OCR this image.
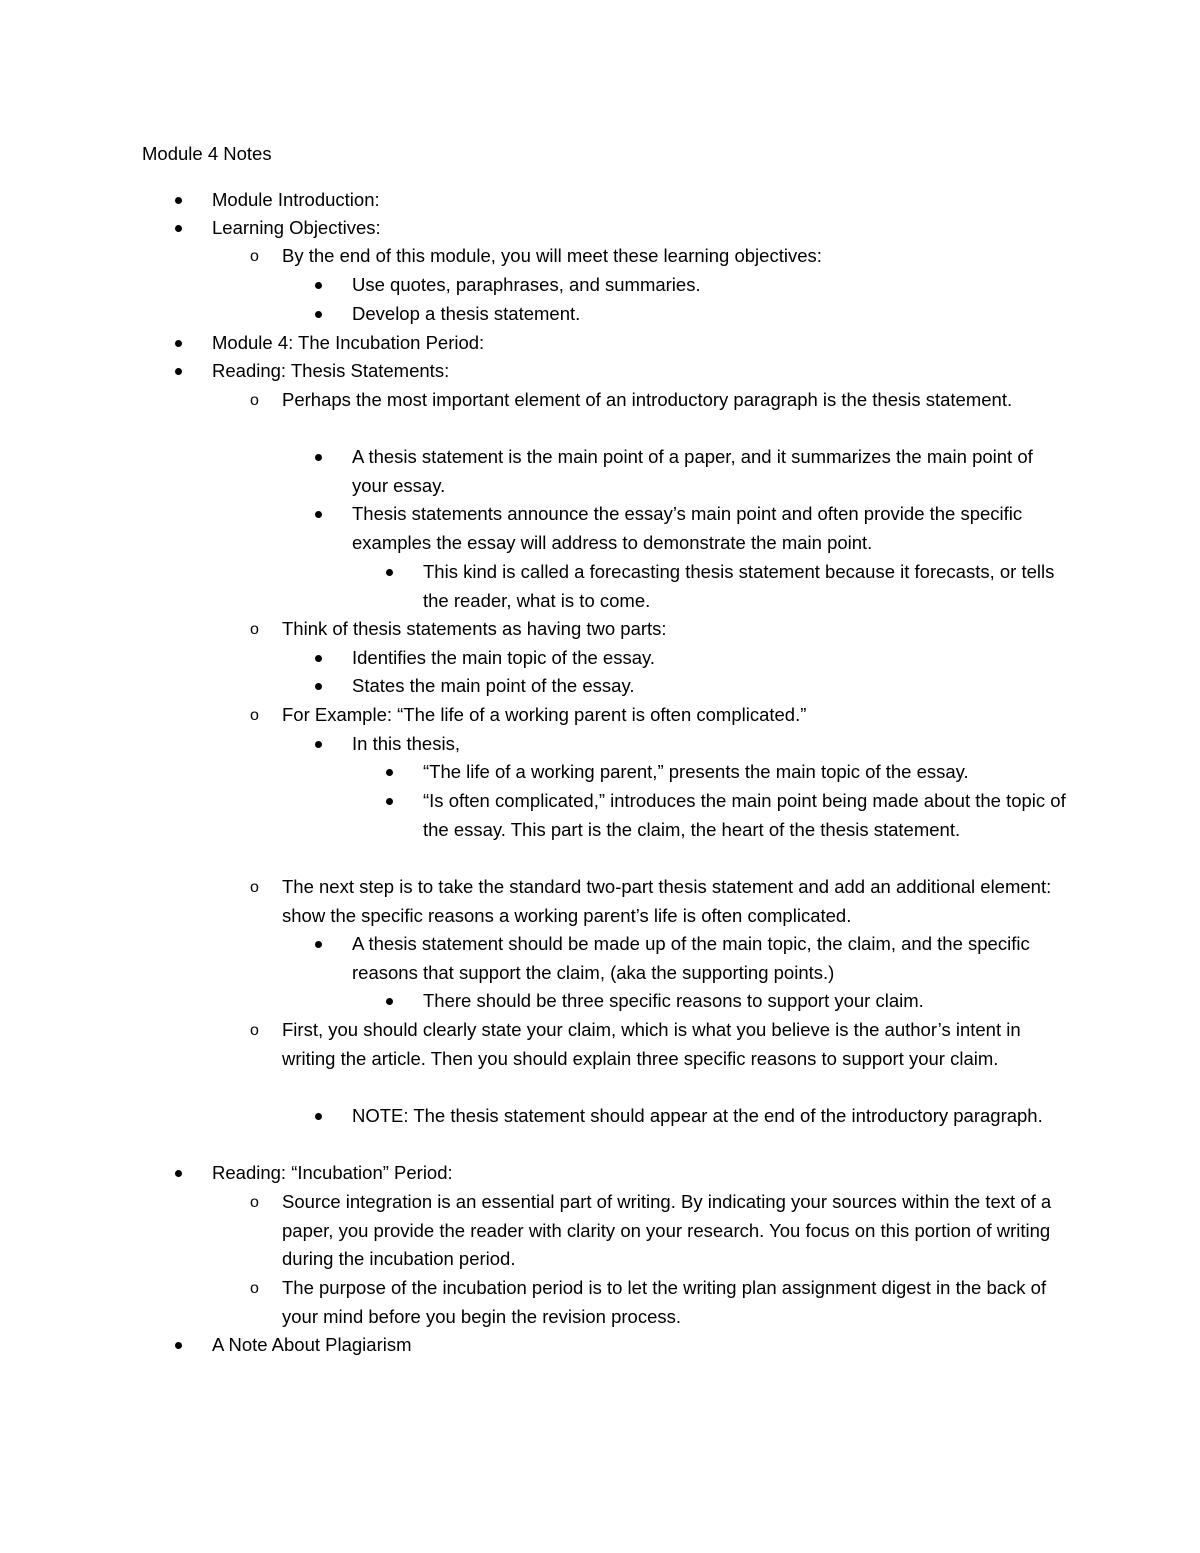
Module 4 Notes
Module Introduction:
Learning Objectives:
o By the end of this module, you will meet these learning objectives:
Use quotes, paraphrases, and summaries.
Develop a thesis statement.
Module 4: The Incubation Period:
Reading: Thesis Statements:
o Perhaps the most important element of an introductory paragraph is the thesis statement.
A thesis statement is the main point of a paper, and it summarizes the main point of your essay.
Thesis statements announce the essay’s main point and often provide the specific examples the essay will address to demonstrate the main point.
This kind is called a forecasting thesis statement because it forecasts, or tells the reader, what is to come.
o Think of thesis statements as having two parts:
Identifies the main topic of the essay.
States the main point of the essay.
o For Example: “The life of a working parent is often complicated.”
In this thesis,
“The life of a working parent,” presents the main topic of the essay.
“Is often complicated,” introduces the main point being made about the topic of the essay. This part is the claim, the heart of the thesis statement.
o The next step is to take the standard two-part thesis statement and add an additional element: show the specific reasons a working parent’s life is often complicated.
A thesis statement should be made up of the main topic, the claim, and the specific reasons that support the claim, (aka the supporting points.)
There should be three specific reasons to support your claim.
o First, you should clearly state your claim, which is what you believe is the author’s intent in writing the article. Then you should explain three specific reasons to support your claim.
NOTE: The thesis statement should appear at the end of the introductory paragraph.
Reading: “Incubation” Period:
o Source integration is an essential part of writing. By indicating your sources within the text of a paper, you provide the reader with clarity on your research. You focus on this portion of writing during the incubation period.
o The purpose of the incubation period is to let the writing plan assignment digest in the back of your mind before you begin the revision process.
A Note About Plagiarism
